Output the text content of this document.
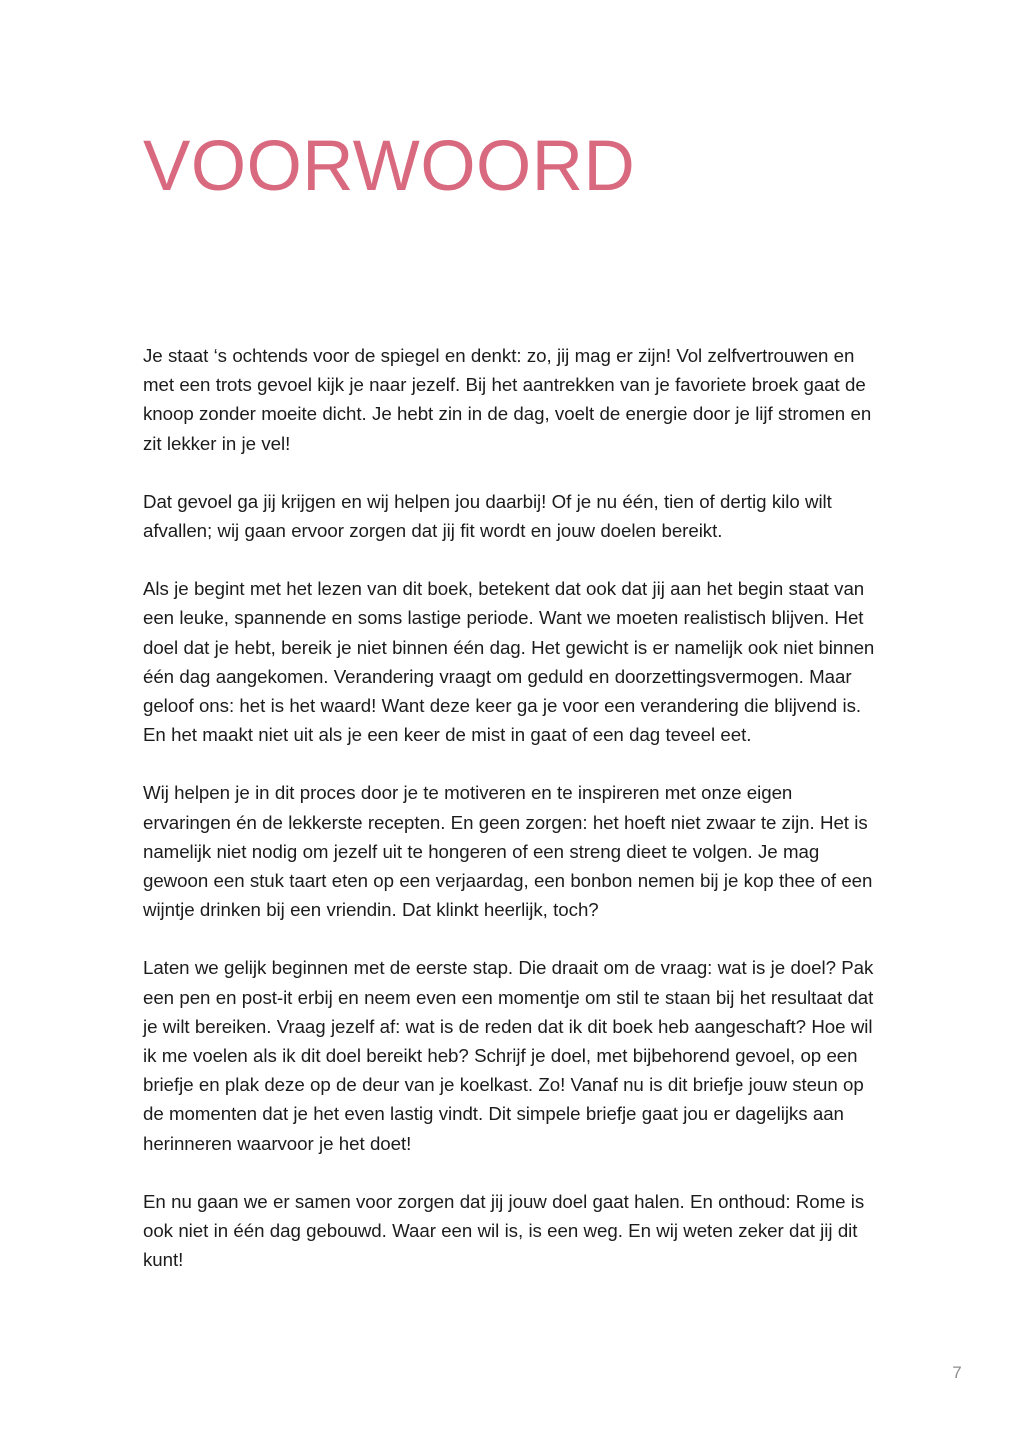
VOORWOORD

Je staat ‘s ochtends voor de spiegel en denkt: zo, jij mag er zijn! Vol zelfvertrouwen en met een trots gevoel kijk je naar jezelf. Bij het aantrekken van je favoriete broek gaat de knoop zonder moeite dicht. Je hebt zin in de dag, voelt de energie door je lijf stromen en zit lekker in je vel!

Dat gevoel ga jij krijgen en wij helpen jou daarbij! Of je nu één, tien of dertig kilo wilt afvallen; wij gaan ervoor zorgen dat jij fit wordt en jouw doelen bereikt.

Als je begint met het lezen van dit boek, betekent dat ook dat jij aan het begin staat van een leuke, spannende en soms lastige periode. Want we moeten realistisch blijven. Het doel dat je hebt, bereik je niet binnen één dag. Het gewicht is er namelijk ook niet binnen één dag aangekomen. Verandering vraagt om geduld en doorzettingsvermogen. Maar geloof ons: het is het waard! Want deze keer ga je voor een verandering die blijvend is. En het maakt niet uit als je een keer de mist in gaat of een dag teveel eet.

Wij helpen je in dit proces door je te motiveren en te inspireren met onze eigen ervaringen én de lekkerste recepten. En geen zorgen: het hoeft niet zwaar te zijn. Het is namelijk niet nodig om jezelf uit te hongeren of een streng dieet te volgen. Je mag gewoon een stuk taart eten op een verjaardag, een bonbon nemen bij je kop thee of een wijntje drinken bij een vriendin. Dat klinkt heerlijk, toch?

Laten we gelijk beginnen met de eerste stap. Die draait om de vraag: wat is je doel? Pak een pen en post-it erbij en neem even een momentje om stil te staan bij het resultaat dat je wilt bereiken. Vraag jezelf af: wat is de reden dat ik dit boek heb aangeschaft? Hoe wil ik me voelen als ik dit doel bereikt heb? Schrijf je doel, met bijbehorend gevoel, op een briefje en plak deze op de deur van je koelkast. Zo! Vanaf nu is dit briefje jouw steun op de momenten dat je het even lastig vindt. Dit simpele briefje gaat jou er dagelijks aan herinneren waarvoor je het doet!

En nu gaan we er samen voor zorgen dat jij jouw doel gaat halen. En onthoud: Rome is ook niet in één dag gebouwd. Waar een wil is, is een weg. En wij weten zeker dat jij dit kunt!

7
